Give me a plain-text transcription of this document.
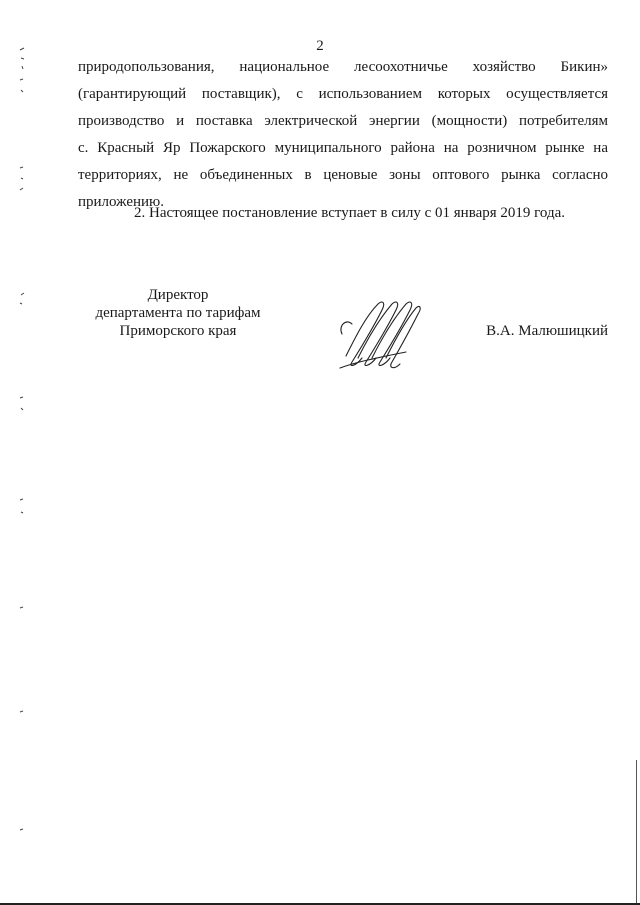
2
природопользования, национальное лесоохотничье хозяйство Бикин»
(гарантирующий поставщик), с использованием которых осуществляется
производство и поставка электрической энергии (мощности) потребителям
с. Красный Яр Пожарского муниципального района на розничном рынке на
территориях, не объединенных в ценовые зоны оптового рынка согласно
приложению.
2. Настоящее постановление вступает в силу с 01 января 2019 года.
Директор
департамента по тарифам
Приморского края	В.А. Малюшицкий
